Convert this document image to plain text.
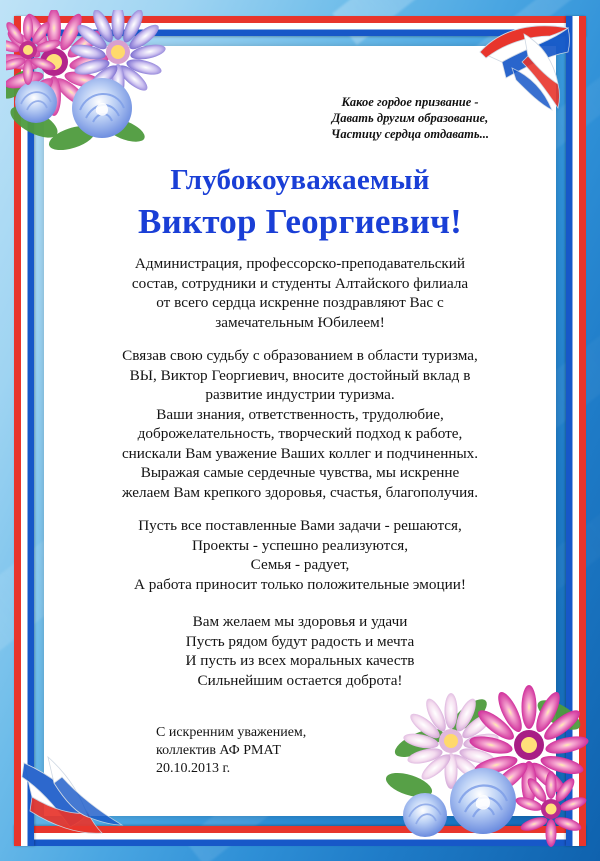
Какое гордое призвание -
Давать другим образование,
Частицу сердца отдавать...
Глубокоуважаемый
Виктор Георгиевич!
Администрация, профессорско-преподавательский
состав, сотрудники и студенты Алтайского филиала
от всего сердца искренне поздравляют Вас с
замечательным Юбилеем!
Связав свою судьбу с образованием в области туризма,
ВЫ, Виктор Георгиевич, вносите достойный вклад в
развитие индустрии туризма.
Ваши знания, ответственность, трудолюбие,
доброжелательность, творческий подход к работе,
снискали Вам уважение Ваших коллег и подчиненных.
Выражая самые сердечные чувства, мы искренне
желаем Вам крепкого здоровья, счастья, благополучия.
Пусть все поставленные Вами задачи - решаются,
Проекты - успешно реализуются,
Семья - радует,
А работа приносит только положительные эмоции!
Вам желаем мы здоровья и удачи
Пусть рядом будут радость и мечта
И пусть из всех моральных качеств
Сильнейшим остается доброта!
С искренним уважением,
коллектив АФ РМАТ
20.10.2013 г.
